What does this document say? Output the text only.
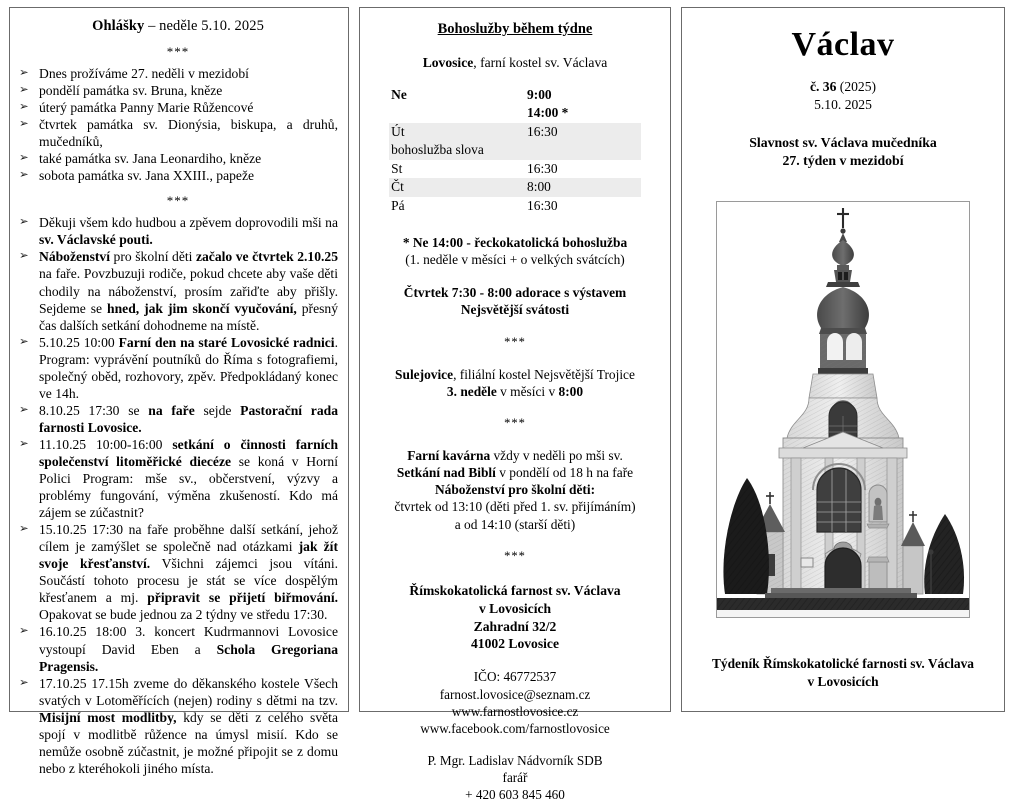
Ohlášky – neděle 5.10. 2025
***
➢ Dnes prožíváme 27. neděli v mezidobí
➢ pondělí památka sv. Bruna, kněze
➢ úterý památka Panny Marie Růžencové
➢ čtvrtek památka sv. Dionýsia, biskupa, a druhů, mučedníků,
➢ také památka sv. Jana Leonardiho, kněze
➢ sobota památka sv. Jana XXIII., papeže
***
➢ Děkuji všem kdo hudbou a zpěvem doprovodili mši na sv. Václavské pouti.
➢ Náboženství pro školní děti začalo ve čtvrtek 2.10.25 na faře. Povzbuzuji rodiče, pokud chcete aby vaše děti chodily na náboženství, prosím zařiďte aby přišly. Sejdeme se hned, jak jim skončí vyučování, přesný čas dalších setkání dohodneme na místě.
➢ 5.10.25 10:00 Farní den na staré Lovosické radnici. Program: vyprávění poutníků do Říma s fotografiemi, společný oběd, rozhovory, zpěv. Předpokládaný konec ve 14h.
➢ 8.10.25 17:30 se na faře sejde Pastorační rada farnosti Lovosice.
➢ 11.10.25 10:00-16:00 setkání o činnosti farních společenství litoměřické diecéze se koná v Horní Polici Program: mše sv., občerstvení, výzvy a problémy fungování, výměna zkušeností. Kdo má zájem se zúčastnit?
➢ 15.10.25 17:30 na faře proběhne další setkání, jehož cílem je zamýšlet se společně nad otázkami jak žít svoje křesťanství. Všichni zájemci jsou vítáni. Součástí tohoto procesu je stát se více dospělým křesťanem a mj. připravit se přijetí biřmování. Opakovat se bude jednou za 2 týdny ve středu 17:30.
➢ 16.10.25 18:00 3. koncert Kudrmannovi Lovosice vystoupí David Eben a Schola Gregoriana Pragensis.
➢ 17.10.25 17.15h zveme do děkanského kostele Všech svatých v Lotoměřících (nejen) rodiny s dětmi na tzv. Misijní most modlitby, kdy se děti z celého světa spojí v modlitbě růžence na úmysl misií. Kdo se nemůže osobně zúčastnit, je možné připojit se z domu nebo z kteréhokoli jiného místa.
Bohoslužby během týdne
Lovosice, farní kostel sv. Václava
Ne	9:00
	14:00 *
Út	16:30
bohoslužba slova	
St	16:30
Čt	8:00
Pá	16:30
* Ne 14:00 - řeckokatolická bohoslužba
(1. neděle v měsíci + o velkých svátcích)
Čtvrtek 7:30 - 8:00 adorace s výstavem
Nejsvětější svátosti
***
Sulejovice, filiální kostel Nejsvětější Trojice
3. neděle v měsíci v 8:00
***
Farní kavárna vždy v neděli po mši sv.
Setkání nad Biblí v pondělí od 18 h na faře
Náboženství pro školní děti:
čtvrtek od 13:10 (děti před 1. sv. přijímáním)
a od 14:10 (starší děti)
***
Římskokatolická farnost sv. Václava
v Lovosicích
Zahradní 32/2
41002 Lovosice
IČO: 46772537
farnost.lovosice@seznam.cz
www.farnostlovosice.cz
www.facebook.com/farnostlovosice
P. Mgr. Ladislav Nádvorník SDB
farář
+ 420 603 845 460
Václav
č. 36 (2025)
5.10. 2025
Slavnost sv. Václava mučedníka
27. týden v mezidobí
Týdeník Římskokatolické farnosti sv. Václava
v Lovosicích
